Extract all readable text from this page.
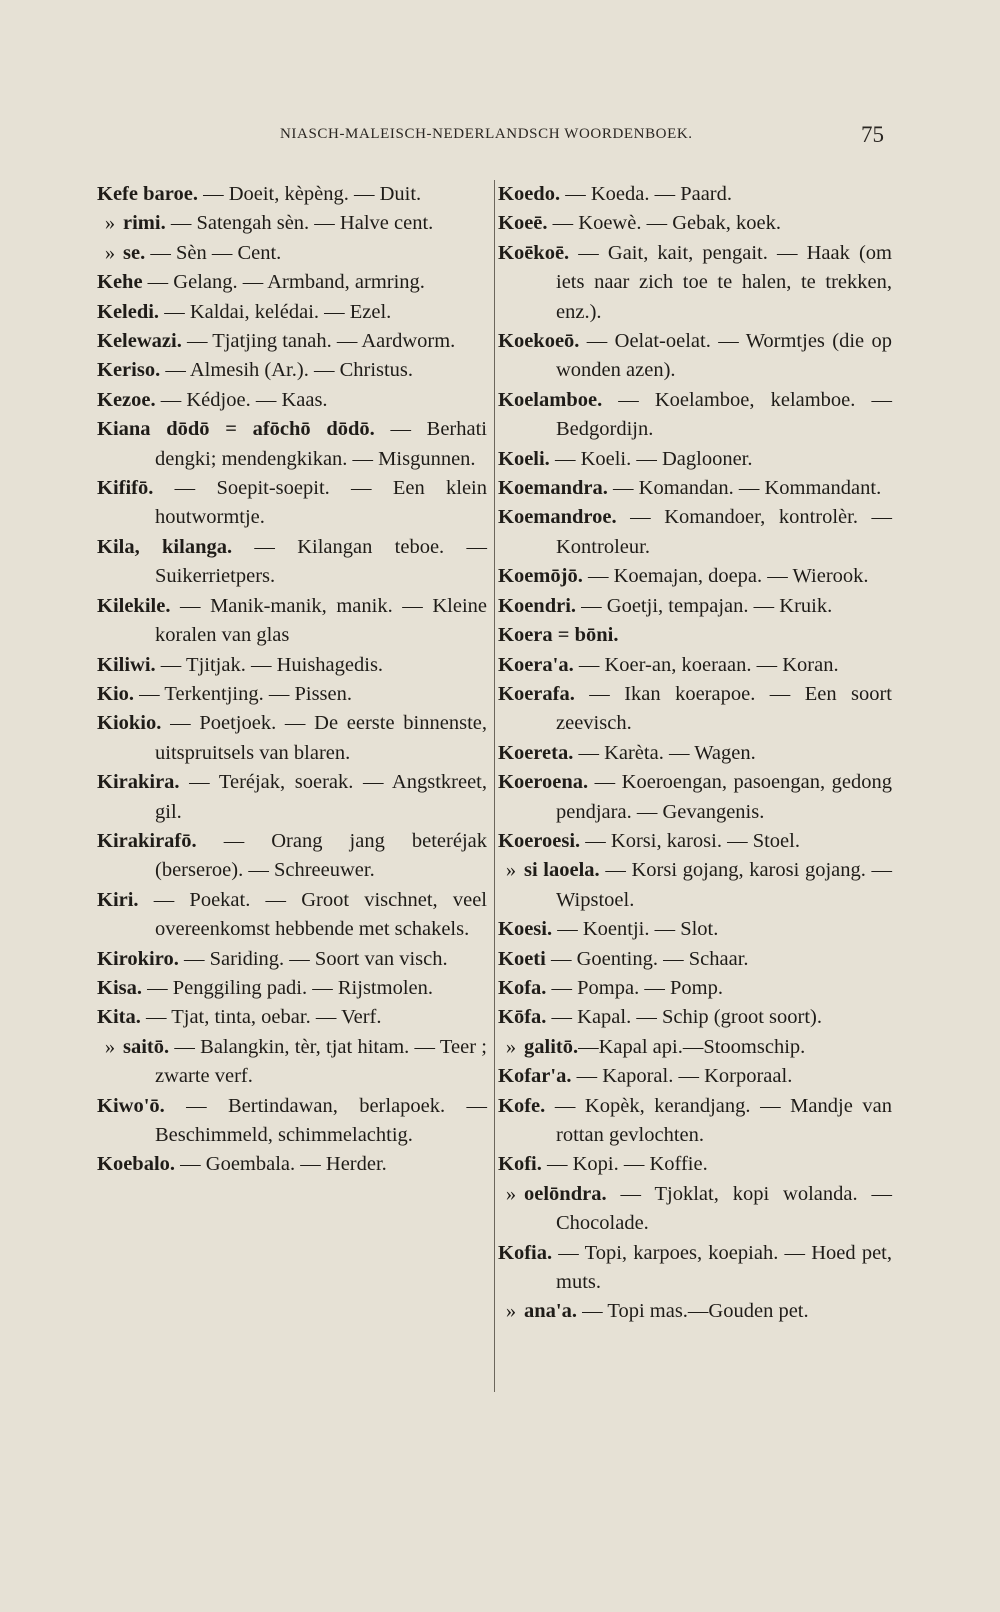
NIASCH-MALEISCH-NEDERLANDSCH WOORDENBOEK.	75
Kefe baroe. — Doeit, kèpèng. — Duit.
» rimi. — Satengah sèn. — Halve cent.
» se. — Sèn — Cent.
Kehe — Gelang. — Armband, armring.
Keledi. — Kaldai, kelédai. — Ezel.
Kelewazi. — Tjatjing tanah. — Aardworm.
Keriso. — Almesih (Ar.). — Christus.
Kezoe. — Kédjoe. — Kaas.
Kiana dōdō = afōchō dōdō. — Berhati dengki; mendengkikan. — Misgunnen.
Kififō. — Soepit-soepit. — Een klein houtwormtje.
Kila, kilanga. — Kilangan teboe. — Suikerrietpers.
Kilekile. — Manik-manik, manik. — Kleine koralen van glas
Kiliwi. — Tjitjak. — Huishagedis.
Kio. — Terkentjing. — Pissen.
Kiokio. — Poetjoek. — De eerste binnenste, uitspruitsels van blaren.
Kirakira. — Teréjak, soerak. — Angstkreet, gil.
Kirakirafō. — Orang jang beteréjak (berseroe). — Schreeuwer.
Kiri. — Poekat. — Groot vischnet, veel overeenkomst hebbende met schakels.
Kirokiro. — Sariding. — Soort van visch.
Kisa. — Penggiling padi. — Rijstmolen.
Kita. — Tjat, tinta, oebar. — Verf.
» saitō. — Balangkin, tèr, tjat hitam. — Teer ; zwarte verf.
Kiwo'ō. — Bertindawan, berlapoek. — Beschimmeld, schimmelachtig.
Koebalo. — Goembala. — Herder.
Koedo. — Koeda. — Paard.
Koeē. — Koewè. — Gebak, koek.
Koēkoē. — Gait, kait, pengait. — Haak (om iets naar zich toe te halen, te trekken, enz.).
Koekoeō. — Oelat-oelat. — Wormtjes (die op wonden azen).
Koelamboe. — Koelamboe, kelamboe. — Bedgordijn.
Koeli. — Koeli. — Daglooner.
Koemandra. — Komandan. — Kommandant.
Koemandroe. — Komandoer, kontrolèr. — Kontroleur.
Koemōjō. — Koemajan, doepa. — Wierook.
Koendri. — Goetji, tempajan. — Kruik.
Koera = bōni.
Koera'a. — Koer-an, koeraan. — Koran.
Koerafa. — Ikan koerapoe. — Een soort zeevisch.
Koereta. — Karèta. — Wagen.
Koeroena. — Koeroengan, pasoengan, gedong pendjara. — Gevangenis.
Koeroesi. — Korsi, karosi. — Stoel.
» si laoela. — Korsi gojang, karosi gojang. — Wipstoel.
Koesi. — Koentji. — Slot.
Koeti — Goenting. — Schaar.
Kofa. — Pompa. — Pomp.
Kōfa. — Kapal. — Schip (groot soort).
» galitō.—Kapal api.—Stoomschip.
Kofar'a. — Kaporal. — Korporaal.
Kofe. — Kopèk, kerandjang. — Mandje van rottan gevlochten.
Kofi. — Kopi. — Koffie.
» oelōndra. — Tjoklat, kopi wolanda. — Chocolade.
Kofia. — Topi, karpoes, koepiah. — Hoed pet, muts.
» ana'a. — Topi mas.—Gouden pet.
